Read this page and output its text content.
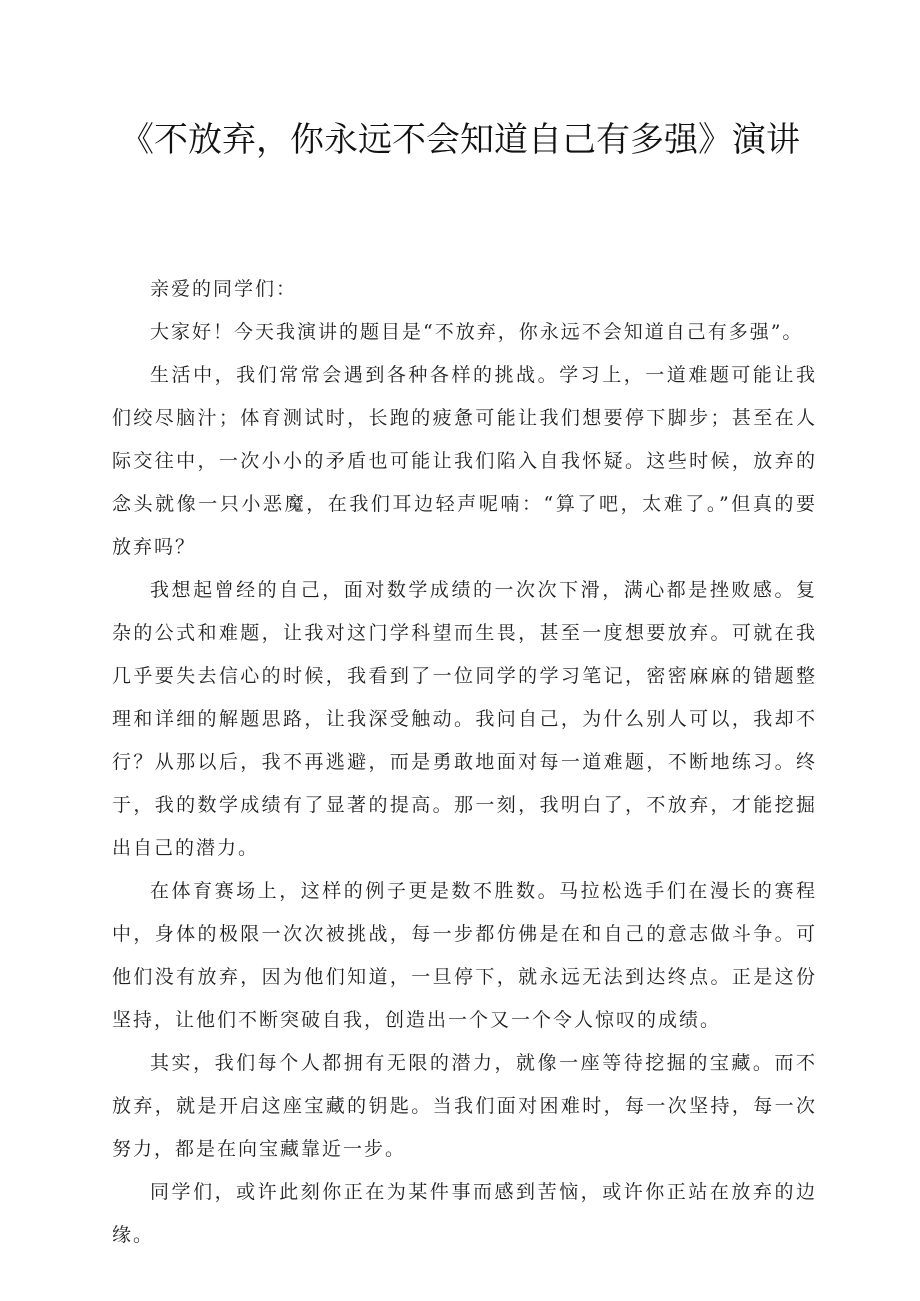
《不放弃，你永远不会知道自己有多强》演讲

亲爱的同学们：

大家好！今天我演讲的题目是“不放弃，你永远不会知道自己有多强”。

生活中，我们常常会遇到各种各样的挑战。学习上，一道难题可能让我们绞尽脑汁；体育测试时，长跑的疲惫可能让我们想要停下脚步；甚至在人际交往中，一次小小的矛盾也可能让我们陷入自我怀疑。这些时候，放弃的念头就像一只小恶魔，在我们耳边轻声呢喃：“算了吧，太难了。”但真的要放弃吗？

我想起曾经的自己，面对数学成绩的一次次下滑，满心都是挫败感。复杂的公式和难题，让我对这门学科望而生畏，甚至一度想要放弃。可就在我几乎要失去信心的时候，我看到了一位同学的学习笔记，密密麻麻的错题整理和详细的解题思路，让我深受触动。我问自己，为什么别人可以，我却不行？从那以后，我不再逃避，而是勇敢地面对每一道难题，不断地练习。终于，我的数学成绩有了显著的提高。那一刻，我明白了，不放弃，才能挖掘出自己的潜力。

在体育赛场上，这样的例子更是数不胜数。马拉松选手们在漫长的赛程中，身体的极限一次次被挑战，每一步都仿佛是在和自己的意志做斗争。可他们没有放弃，因为他们知道，一旦停下，就永远无法到达终点。正是这份坚持，让他们不断突破自我，创造出一个又一个令人惊叹的成绩。

其实，我们每个人都拥有无限的潜力，就像一座等待挖掘的宝藏。而不放弃，就是开启这座宝藏的钥匙。当我们面对困难时，每一次坚持，每一次努力，都是在向宝藏靠近一步。

同学们，或许此刻你正在为某件事而感到苦恼，或许你正站在放弃的边缘。
